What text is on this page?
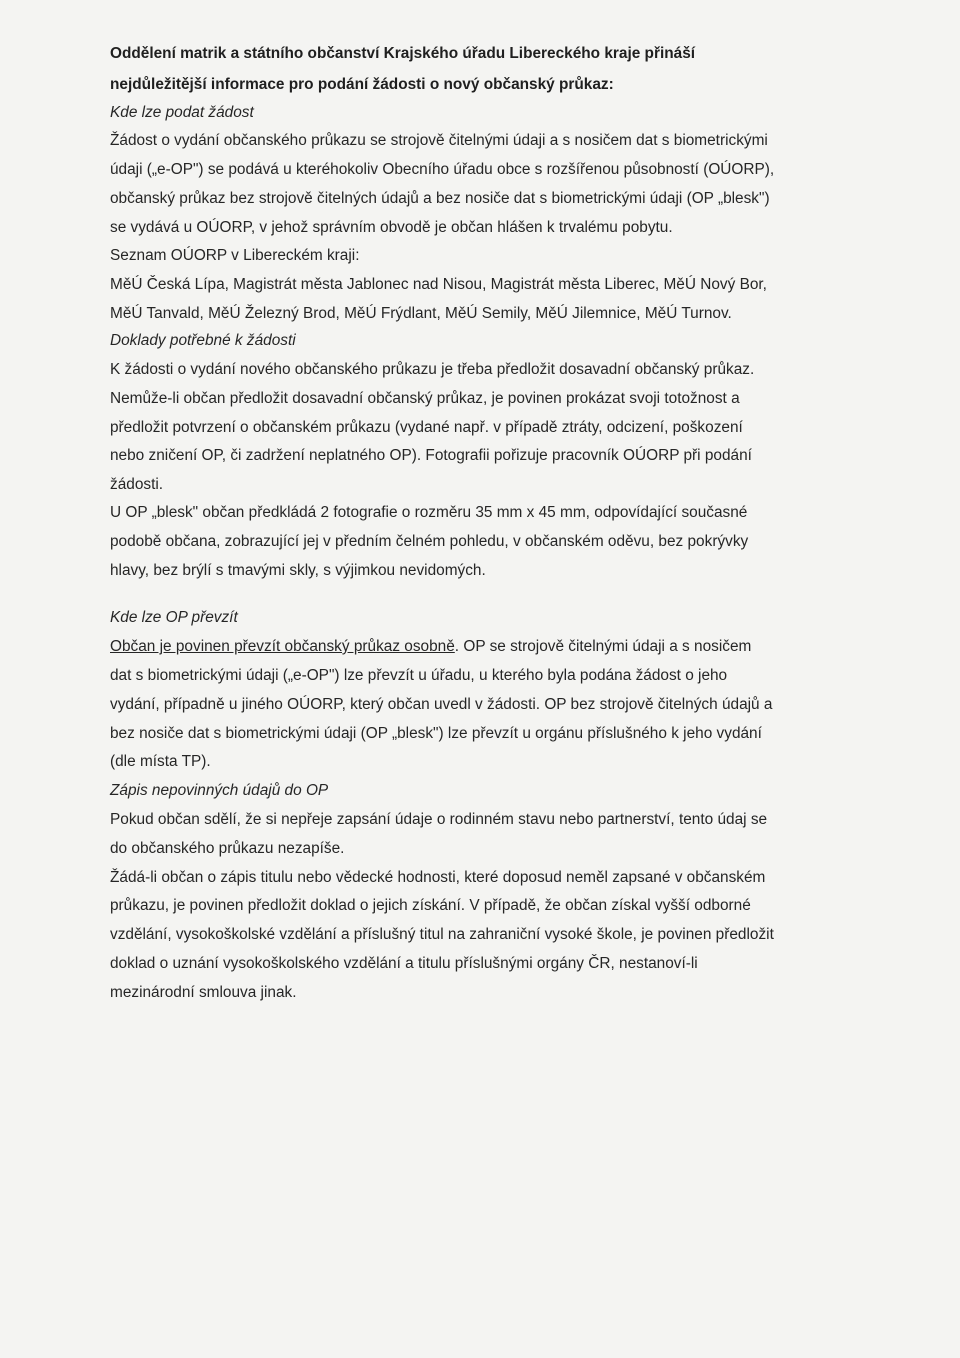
Oddělení matrik a státního občanství Krajského úřadu Libereckého kraje přináší

nejdůležitější informace pro podání žádosti o nový občanský průkaz:

Kde lze podat žádost

Žádost o vydání občanského průkazu se strojově čitelnými údaji a s nosičem dat s biometrickými

údaji („e-OP") se podává u kteréhokoliv Obecního úřadu obce s rozšířenou působností (OÚORP),

občanský průkaz bez strojově čitelných údajů a bez nosiče dat s biometrickými údaji (OP „blesk")

se vydává u OÚORP, v jehož správním obvodě je občan hlášen k trvalému pobytu.

Seznam OÚORP v Libereckém kraji:

MěÚ Česká Lípa, Magistrát města Jablonec nad Nisou, Magistrát města Liberec, MěÚ Nový Bor,

MěÚ Tanvald, MěÚ Železný Brod, MěÚ Frýdlant, MěÚ Semily, MěÚ Jilemnice, MěÚ Turnov.

Doklady potřebné k žádosti

K žádosti o vydání nového občanského průkazu je třeba předložit dosavadní občanský průkaz.

Nemůže-li občan předložit dosavadní občanský průkaz, je povinen prokázat svoji totožnost a

předložit potvrzení o občanském průkazu (vydané např. v případě ztráty, odcizení, poškození

nebo zničení OP, či zadržení neplatného OP). Fotografii pořizuje pracovník OÚORP při podání

žádosti.

U OP „blesk" občan předkládá 2 fotografie o rozměru 35 mm x 45 mm, odpovídající současné

podobě občana, zobrazující jej v předním čelném pohledu, v občanském oděvu, bez pokrývky

hlavy, bez brýlí s tmavými skly, s výjimkou nevidomých.

Kde lze OP převzít

Občan je povinen převzít občanský průkaz osobně. OP se strojově čitelnými údaji a s nosičem

dat s biometrickými údaji („e-OP") lze převzít u úřadu, u kterého byla podána žádost o jeho

vydání, případně u jiného OÚORP, který občan uvedl v žádosti. OP bez strojově čitelných údajů a

bez nosiče dat s biometrickými údaji (OP „blesk") lze převzít u orgánu příslušného k jeho vydání

(dle místa TP).

Zápis nepovinných údajů do OP

Pokud občan sdělí, že si nepřeje zapsání údaje o rodinném stavu nebo partnerství, tento údaj se

do občanského průkazu nezapíše.

Žádá-li občan o zápis titulu nebo vědecké hodnosti, které doposud neměl zapsané v občanském

průkazu, je povinen předložit doklad o jejich získání. V případě, že občan získal vyšší odborné

vzdělání, vysokoškolské vzdělání a příslušný titul na zahraniční vysoké škole, je povinen předložit

doklad o uznání vysokoškolského vzdělání a titulu příslušnými orgány ČR, nestanoví-li

mezinárodní smlouva jinak.
